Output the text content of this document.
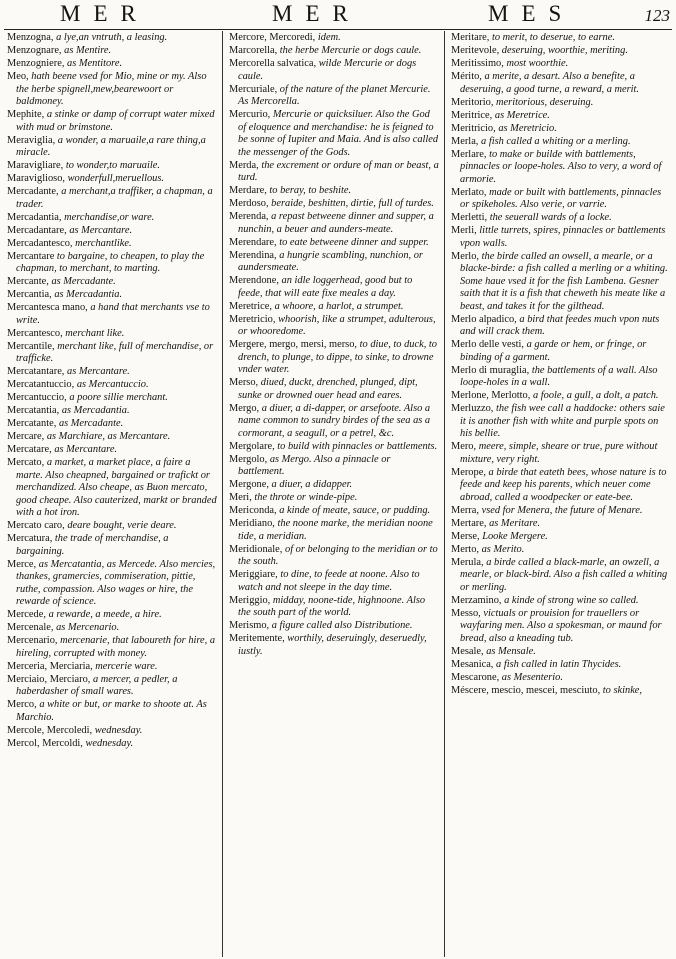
MER	MER	MES	123
Menzogna, a lye,an vntruth, a leasing.
Menzognare, as Mentire.
Menzogniere, as Mentitore.
Meo, hath beene vsed for Mio, mine or my. Also the herbe spignell,mew,bearewoort or baldmoney.
Mephite, a stinke or damp of corrupt water mixed with mud or brimstone.
Meraviglia, a wonder, a maruaile,a rare thing,a miracle.
Maravigliare, to wonder,to maruaile.
Maraviglioso, wonderfull,meruellous.
Mercadante, a merchant,a traffiker, a chapman, a trader.
Mercadantia, merchandise,or ware.
Mercadantare, as Mercantare.
Mercadantesco, merchantlike.
Mercantare to bargaine, to cheapen, to play the chapman, to merchant, to marting.
Mercante, as Mercadante.
Mercantia, as Mercadantia.
Mercantesca mano, a hand that merchants vse to write.
Mercantesco, merchant like.
Mercantile, merchant like, full of merchandise, or trafficke.
Mercatantare, as Mercantare.
Mercatantuccio, as Mercantuccio.
Mercantuccio, a poore sillie merchant.
Mercatantia, as Mercadantia.
Mercatante, as Mercadante.
Mercare, as Marchiare, as Mercantare.
Mercatare, as Mercantare.
Mercato, a market, a market place, a faire a marte. Also cheapned, bargained or trafickt or merchandized. Also cheape, as Buon mercato, good cheape. Also cauterized, markt or branded with a hot iron.
Mercato caro, deare bought, verie deare.
Mercatura, the trade of merchandise, a bargaining.
Merce, as Mercatantia, as Mercede. Also mercies, thankes, gramercies, commiseration, pittie, ruthe, compassion. Also wages or hire, the rewarde of science.
Mercede, a rewarde, a meede, a hire.
Mercenale, as Mercenario.
Mercenario, mercenarie, that laboureth for hire, a hireling, corrupted with money.
Merceria, Merciaria, mercerie ware.
Merciaio, Merciaro, a mercer, a pedler, a haberdasher of small wares.
Merco, a white or but, or marke to shoote at. As Marchio.
Mercole, Mercoledi, wednesday.
Mercol, Mercoldi, wednesday.
Mercore, Mercoredi, idem.
Marcorella, the herbe Mercurie or dogs caule.
Mercorella salvatica, wilde Mercurie or dogs caule.
Mercuriale, of the nature of the planet Mercurie. As Mercorella.
Mercurio, Mercurie or quicksiluer. Also the God of eloquence and merchandise: he is feigned to be sonne of Iupiter and Maia. And is also called the messenger of the Gods.
Merda, the excrement or ordure of man or beast, a turd.
Merdare, to beray, to beshite.
Merdoso, beraide, beshitten, dirtie, full of turdes.
Merenda, a repast betweene dinner and supper, a nunchin, a beuer and aunders-meate.
Merendare, to eate betweene dinner and supper.
Merendina, a hungrie scambling, nunchion, or aundersmeate.
Merendone, an idle loggerhead, good but to feede, that will eate fixe meales a day.
Meretrice, a whoore, a harlot, a strumpet.
Meretricio, whoorish, like a strumpet, adulterous, or whooredome.
Mergere, mergo, mersi, merso, to diue, to duck, to drench, to plunge, to dippe, to sinke, to drowne vnder water.
Merso, diued, duckt, drenched, plunged, dipt, sunke or drowned ouer head and eares.
Mergo, a diuer, a di-dapper, or arsefoote. Also a name common to sundry birdes of the sea as a cormorant, a seagull, or a petrel, &c.
Mergolare, to build with pinnacles or battlements.
Mergolo, as Mergo. Also a pinnacle or battlement.
Mergone, a diuer, a didapper.
Meri, the throte or winde-pipe.
Mericonda, a kinde of meate, sauce, or pudding.
Meridiano, the noone marke, the meridian noone tide, a meridian.
Meridionale, of or belonging to the meridian or to the south.
Meriggiare, to dine, to feede at noone. Also to watch and not sleepe in the day time.
Meriggio, midday, noone-tide, highnoone. Also the south part of the world.
Merismo, a figure called also Distributione.
Meritemente, worthily, deseruingly, deseruedly, iustly.
Meritare, to merit, to deserue, to earne.
Meritevole, deseruing, woorthie, meriting.
Meritissimo, most woorthie.
Mérito, a merite, a desart. Also a benefite, a deseruing, a good turne, a reward, a merit.
Meritorio, meritorious, deseruing.
Meritrice, as Meretrice.
Meritricio, as Meretricio.
Merla, a fish called a whiting or a merling.
Merlare, to make or builde with battlements, pinnacles or loope-holes. Also to very, a word of armorie.
Merlato, made or built with battlements, pinnacles or spikeholes. Also verie, or varrie.
Merletti, the seuerall wards of a locke.
Merli, little turrets, spires, pinnacles or battlements vpon walls.
Merlo, the birde called an owsell, a mearle, or a blacke-birde: a fish called a merling or a whiting. Some haue vsed it for the fish Lambena. Gesner saith that it is a fish that cheweth his meate like a beast, and takes it for the gilthead.
Merlo alpadico, a bird that feedes much vpon nuts and will crack them.
Merlo delle vesti, a garde or hem, or fringe, or binding of a garment.
Merlo di muraglia, the battlements of a wall. Also loope-holes in a wall.
Merlone, Merlotto, a foole, a gull, a dolt, a patch.
Merluzzo, the fish wee call a haddocke: others saie it is another fish with white and purple spots on his bellie.
Mero, meere, simple, sheare or true, pure without mixture, very right.
Merope, a birde that eateth bees, whose nature is to feede and keep his parents, which neuer come abroad, called a woodpecker or eate-bee.
Merra, vsed for Menera, the future of Menare.
Mertare, as Meritare.
Merse, Looke Mergere.
Merto, as Merito.
Merula, a birde called a black-marle, an owzell, a mearle, or black-bird. Also a fish called a whiting or merling.
Merzamino, a kinde of strong wine so called.
Messo, victuals or prouision for trauellers or wayfaring men. Also a spokesman, or maund for bread, also a kneading tub.
Mesale, as Mensale.
Mesanica, a fish called in latin Thycides.
Mescarone, as Mesenterio.
Méscere, mescio, mescei, mesciuto, to skinke,
